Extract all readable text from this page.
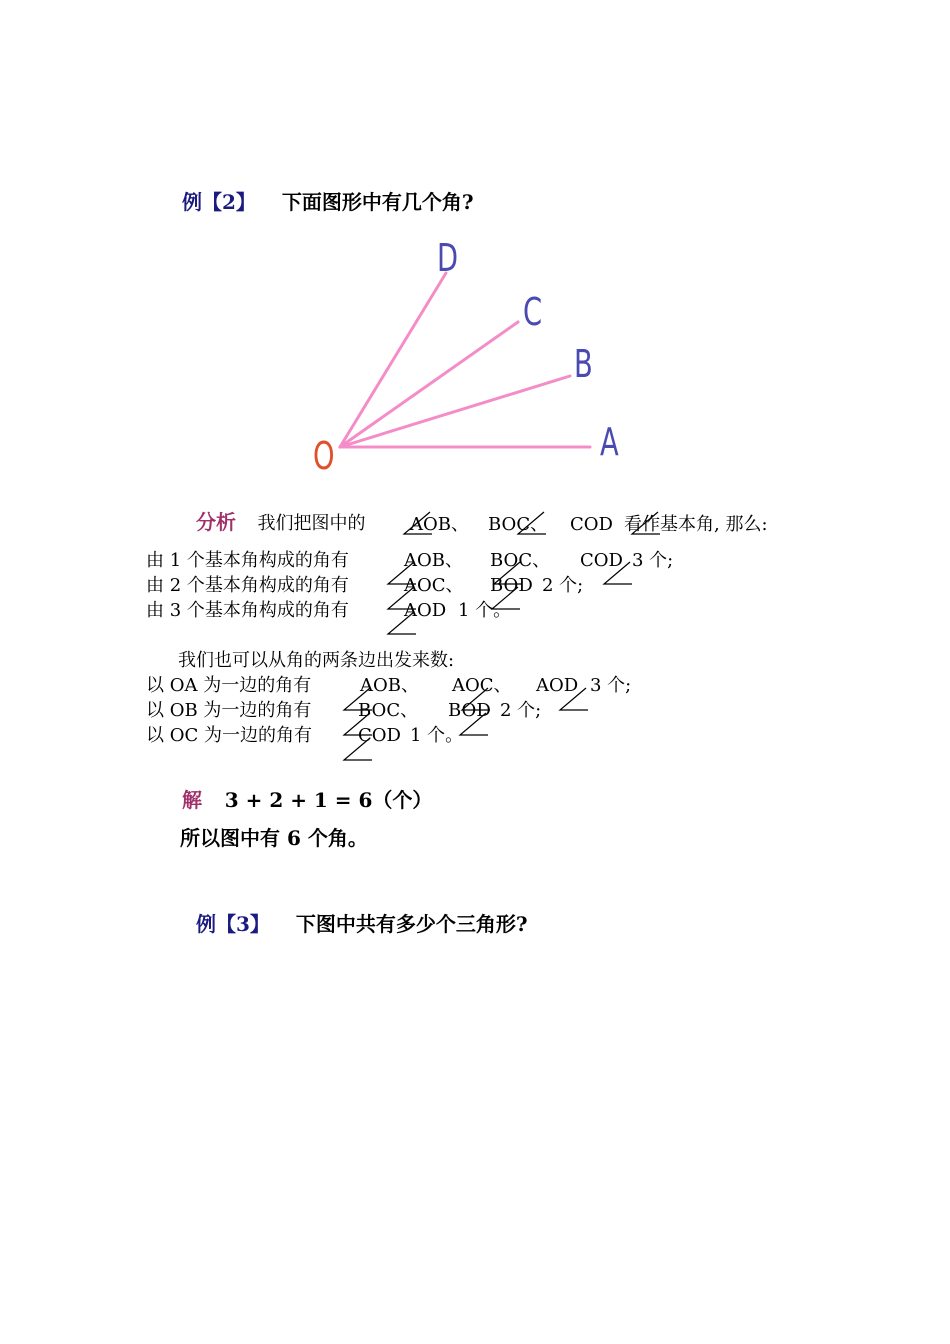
例【2】 下面图形中有几个角?
D
C
B
A
O
分析 我们把图中的 AOB、 BOC、 COD 看作基本角, 那么:
由 1 个基本角构成的角有	AOB、 BOC、 COD 3 个;
由 2 个基本角构成的角有	AOC、 BOD 2 个;
由 3 个基本角构成的角有	AOD 1 个。
我们也可以从角的两条边出发来数:
以 OA 为一边的角有	AOB、 AOC、 AOD 3 个;
以 OB 为一边的角有	BOC、 BOD 2 个;
以 OC 为一边的角有	COD 1 个。
解 3 + 2 + 1 = 6（个）
所以图中有 6 个角。
例【3】 下图中共有多少个三角形?
